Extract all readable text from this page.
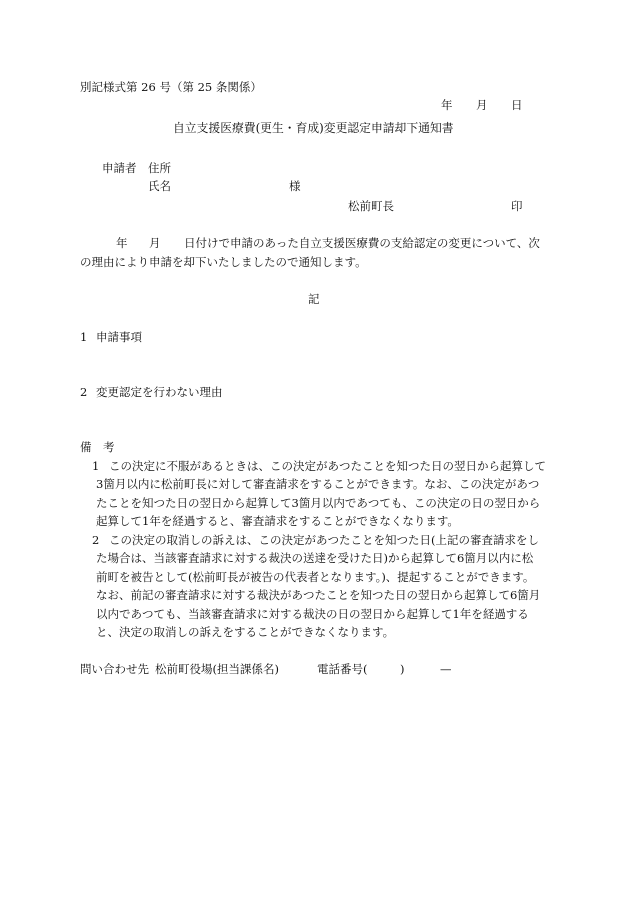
別記様式第 26 号（第 25 条関係）
年 月 日
自立支援医療費(更生・育成)変更認定申請却下通知書
申請者 住所
氏名	様
松前町長	印
年 月 日付けで申請のあった自立支援医療費の支給認定の変更について、次
の理由により申請を却下いたしましたので通知します。
記
1 申請事項
2 変更認定を行わない理由
備　考
1 この決定に不服があるときは、この決定があつたことを知つた日の翌日から起算して
3箇月以内に松前町長に対して審査請求をすることができます。なお、この決定があつ
たことを知つた日の翌日から起算して3箇月以内であつても、この決定の日の翌日から
起算して1年を経過すると、審査請求をすることができなくなります。
2 この決定の取消しの訴えは、この決定があつたことを知つた日(上記の審査請求をし
た場合は、当該審査請求に対する裁決の送達を受けた日)から起算して6箇月以内に松
前町を被告として(松前町長が被告の代表者となります。)、提起することができます。
なお、前記の審査請求に対する裁決があつたことを知つた日の翌日から起算して6箇月
以内であつても、当該審査請求に対する裁決の日の翌日から起算して1年を経過する
と、決定の取消しの訴えをすることができなくなります。
問い合わせ先 松前町役場(担当課係名)	電話番号(	)	—
